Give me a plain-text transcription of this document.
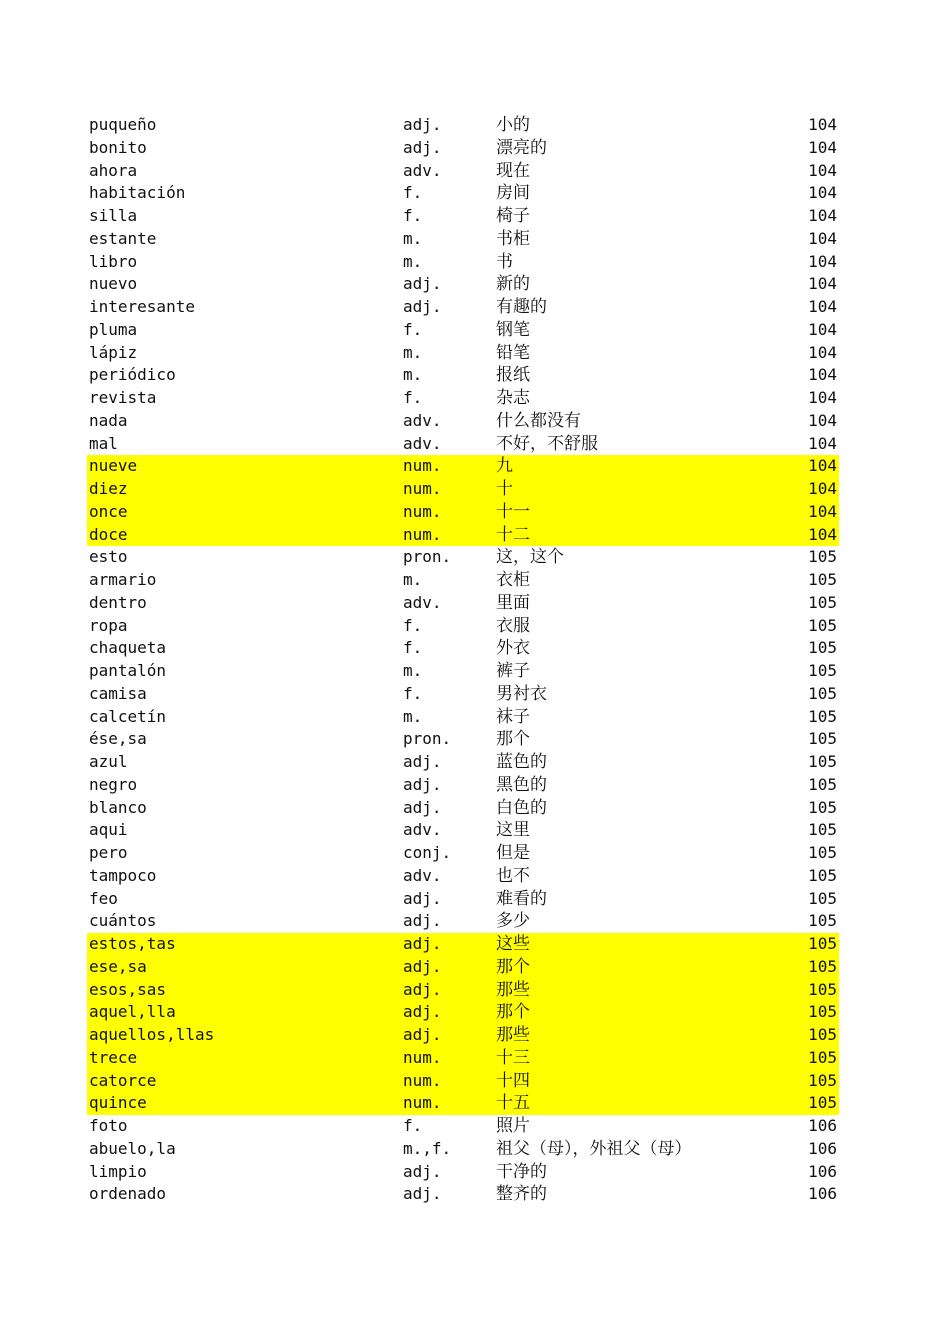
puqueño	adj.	小的	104
bonito	adj.	漂亮的	104
ahora	adv.	现在	104
habitación	f.	房间	104
silla	f.	椅子	104
estante	m.	书柜	104
libro	m.	书	104
nuevo	adj.	新的	104
interesante	adj.	有趣的	104
pluma	f.	钢笔	104
lápiz	m.	铅笔	104
periódico	m.	报纸	104
revista	f.	杂志	104
nada	adv.	什么都没有	104
mal	adv.	不好，不舒服	104
nueve	num.	九	104
diez	num.	十	104
once	num.	十一	104
doce	num.	十二	104
esto	pron.	这，这个	105
armario	m.	衣柜	105
dentro	adv.	里面	105
ropa	f.	衣服	105
chaqueta	f.	外衣	105
pantalón	m.	裤子	105
camisa	f.	男衬衣	105
calcetín	m.	袜子	105
ése,sa	pron.	那个	105
azul	adj.	蓝色的	105
negro	adj.	黑色的	105
blanco	adj.	白色的	105
aqui	adv.	这里	105
pero	conj.	但是	105
tampoco	adv.	也不	105
feo	adj.	难看的	105
cuántos	adj.	多少	105
estos,tas	adj.	这些	105
ese,sa	adj.	那个	105
esos,sas	adj.	那些	105
aquel,lla	adj.	那个	105
aquellos,llas	adj.	那些	105
trece	num.	十三	105
catorce	num.	十四	105
quince	num.	十五	105
foto	f.	照片	106
abuelo,la	m.,f.	祖父（母），外祖父（母）	106
limpio	adj.	干净的	106
ordenado	adj.	整齐的	106
